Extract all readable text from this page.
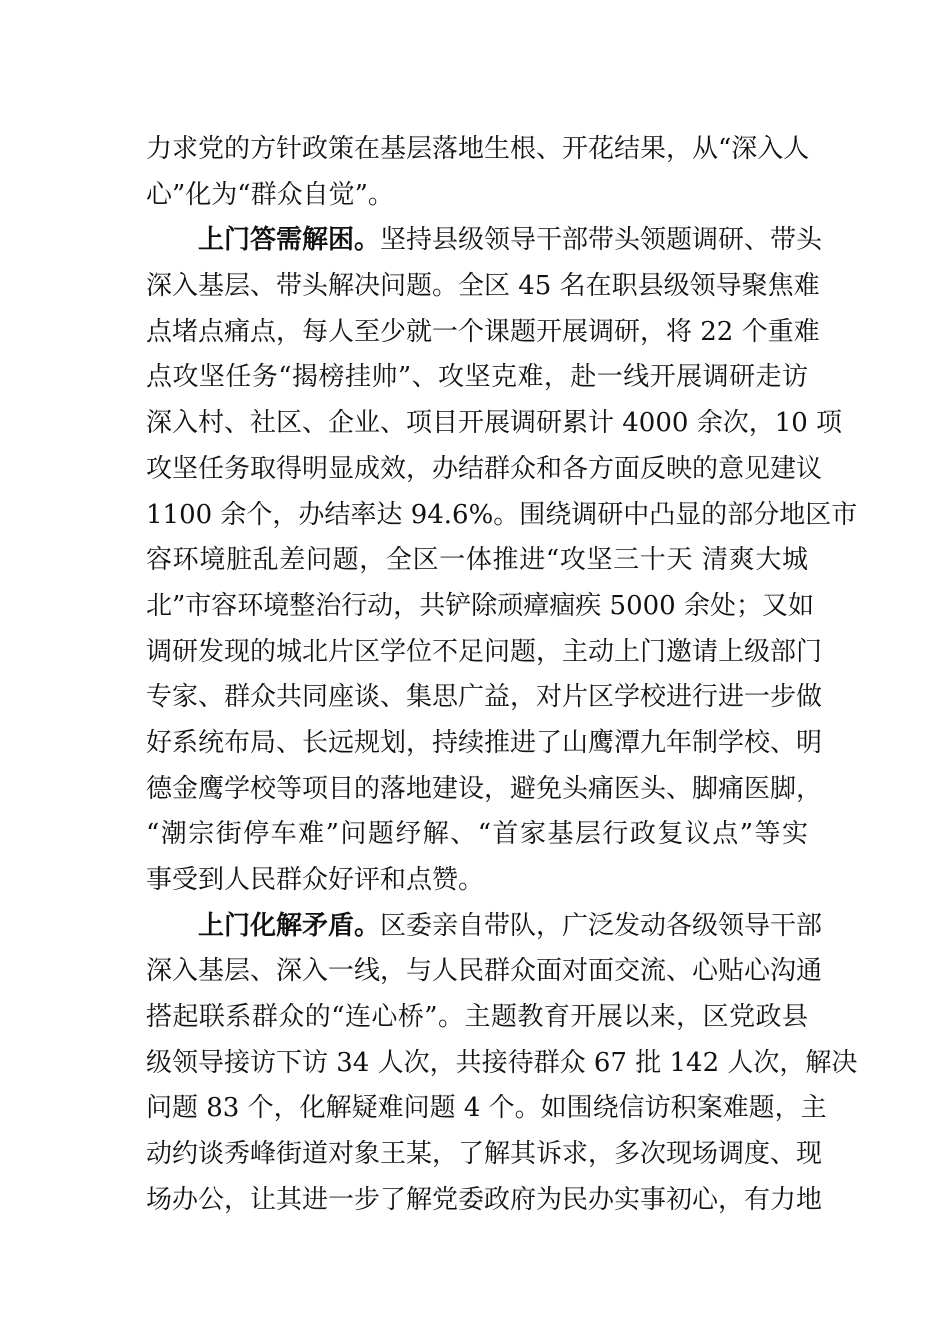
力求党的方针政策在基层落地生根、开花结果，从“深入人
心”化为“群众自觉”。
上门答需解困。坚持县级领导干部带头领题调研、带头
深入基层、带头解决问题。全区 45 名在职县级领导聚焦难
点堵点痛点，每人至少就一个课题开展调研，将 22 个重难
点攻坚任务“揭榜挂帅”、攻坚克难，赴一线开展调研走访
深入村、社区、企业、项目开展调研累计 4000 余次，10 项
攻坚任务取得明显成效，办结群众和各方面反映的意见建议
1100 余个，办结率达 94.6%。围绕调研中凸显的部分地区市
容环境脏乱差问题，全区一体推进“攻坚三十天 清爽大城
北”市容环境整治行动，共铲除顽瘴痼疾 5000 余处；又如
调研发现的城北片区学位不足问题，主动上门邀请上级部门
专家、群众共同座谈、集思广益，对片区学校进行进一步做
好系统布局、长远规划，持续推进了山鹰潭九年制学校、明
德金鹰学校等项目的落地建设，避免头痛医头、脚痛医脚，
“潮宗街停车难”问题纾解、“首家基层行政复议点”等实
事受到人民群众好评和点赞。
上门化解矛盾。区委亲自带队，广泛发动各级领导干部
深入基层、深入一线，与人民群众面对面交流、心贴心沟通
搭起联系群众的“连心桥”。主题教育开展以来，区党政县
级领导接访下访 34 人次，共接待群众 67 批 142 人次，解决
问题 83 个，化解疑难问题 4 个。如围绕信访积案难题，主
动约谈秀峰街道对象王某，了解其诉求，多次现场调度、现
场办公，让其进一步了解党委政府为民办实事初心，有力地
